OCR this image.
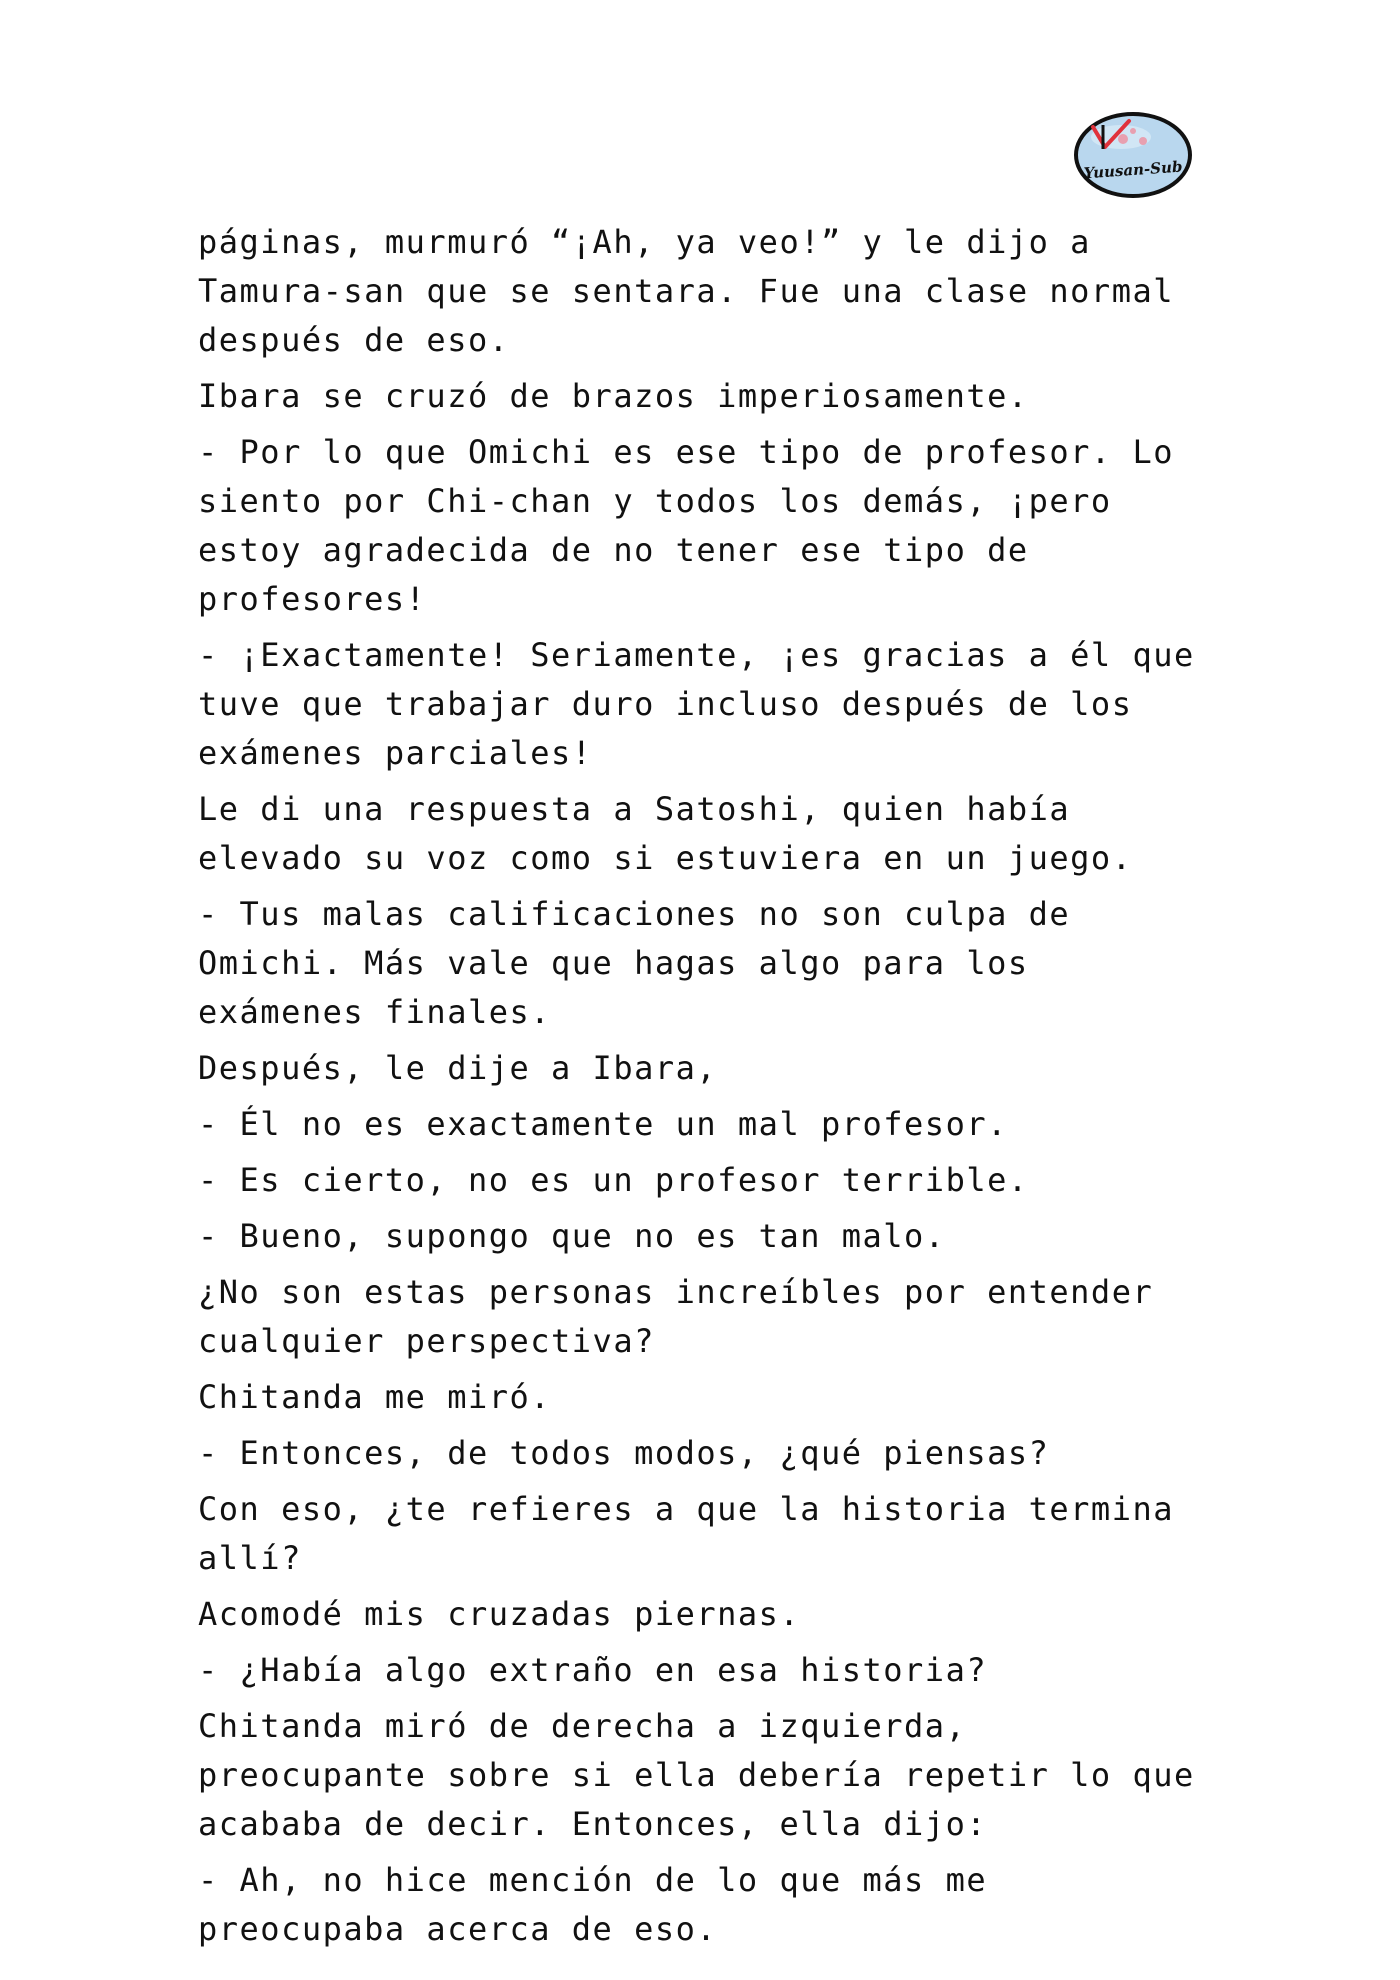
Yuusan-Sub

páginas, murmuró “¡Ah, ya veo!” y le dijo a Tamura-san que se sentara. Fue una clase normal después de eso.

Ibara se cruzó de brazos imperiosamente.

- Por lo que Omichi es ese tipo de profesor. Lo siento por Chi-chan y todos los demás, ¡pero estoy agradecida de no tener ese tipo de profesores!

- ¡Exactamente! Seriamente, ¡es gracias a él que tuve que trabajar duro incluso después de los exámenes parciales!

Le di una respuesta a Satoshi, quien había elevado su voz como si estuviera en un juego.

- Tus malas calificaciones no son culpa de Omichi. Más vale que hagas algo para los exámenes finales.

Después, le dije a Ibara,

- Él no es exactamente un mal profesor.

- Es cierto, no es un profesor terrible.

- Bueno, supongo que no es tan malo.

¿No son estas personas increíbles por entender cualquier perspectiva?

Chitanda me miró.

- Entonces, de todos modos, ¿qué piensas?

Con eso, ¿te refieres a que la historia termina allí?

Acomodé mis cruzadas piernas.

- ¿Había algo extraño en esa historia?

Chitanda miró de derecha a izquierda, preocupante sobre si ella debería repetir lo que acababa de decir. Entonces, ella dijo:

- Ah, no hice mención de lo que más me preocupaba acerca de eso.
